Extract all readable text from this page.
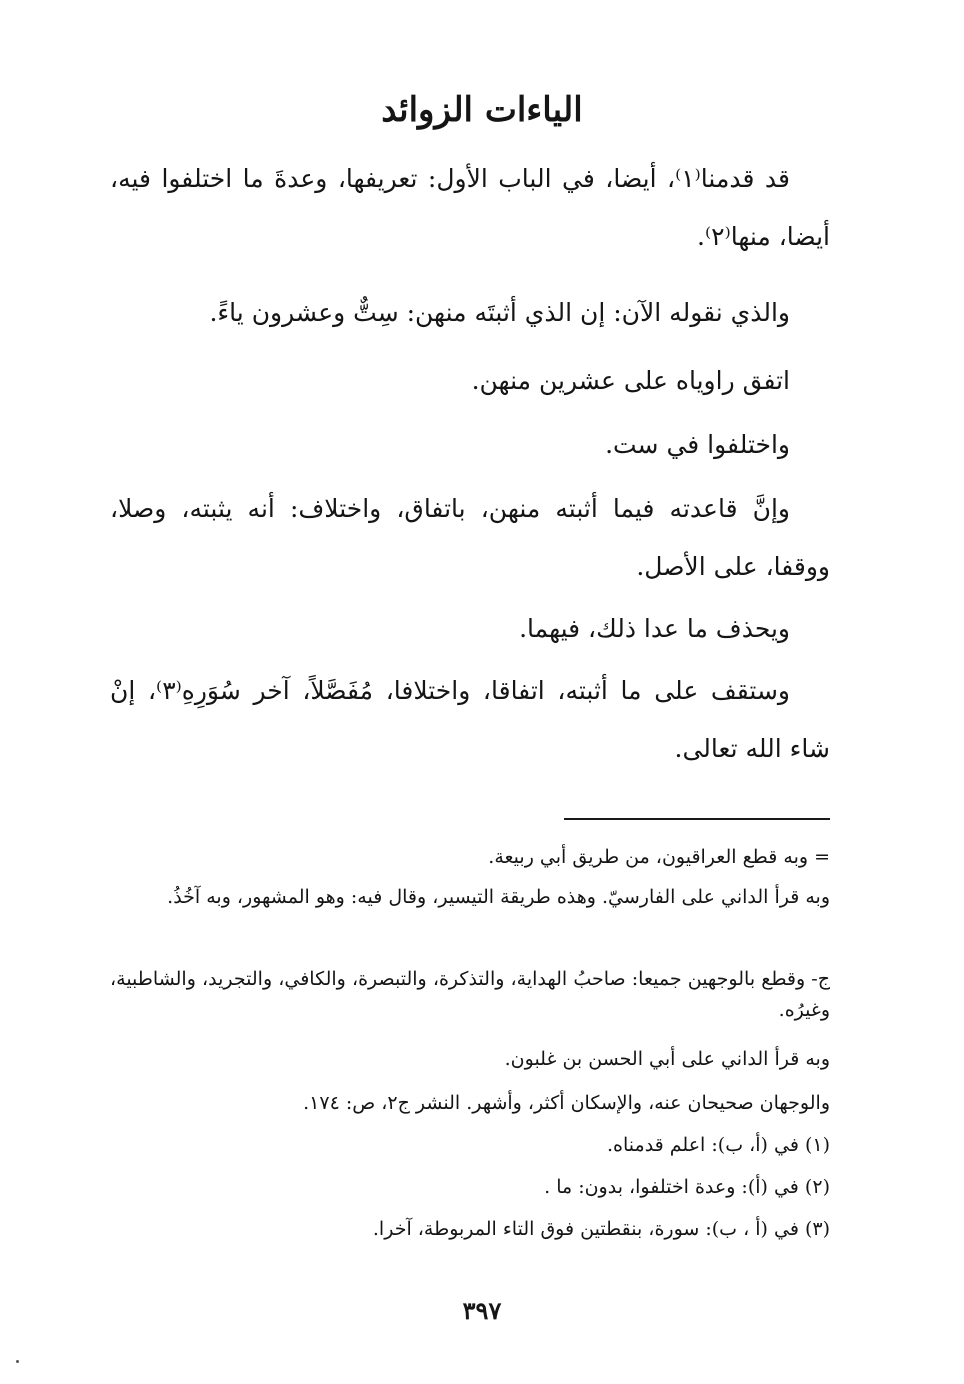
الياءات الزوائد

قد قدمنا⁽١⁾، أيضا، في الباب الأول: تعريفها، وعدةَ ما اختلفوا فيه، أيضا، منها⁽٢⁾.

والذي نقوله الآن: إن الذي أثبتَه منهن: سِتٌّ وعشرون ياءً.

اتفق راوياه على عشرين منهن.

واختلفوا في ست.

وإنَّ قاعدته فيما أثبته منهن، باتفاق، واختلاف: أنه يثبته، وصلا، ووقفا، على الأصل.

ويحذف ما عدا ذلك، فيهما.

وستقف على ما أثبته، اتفاقا، واختلافا، مُفَصَّلاً، آخر سُوَرِهِ⁽٣⁾، إنْ شاء الله تعالى.

= وبه قطع العراقيون، من طريق أبي ربيعة.

وبه قرأ الداني على الفارسيّ. وهذه طريقة التيسير، وقال فيه: وهو المشهور، وبه آخُذُ.

ج- وقطع بالوجهين جميعا: صاحبُ الهداية، والتذكرة، والتبصرة، والكافي، والتجريد، والشاطبية، وغيرُه.

وبه قرأ الداني على أبي الحسن بن غلبون.

والوجهان صحيحان عنه، والإسكان أكثر، وأشهر. النشر ج٢، ص: ١٧٤.

(١) في (أ، ب): اعلم قدمناه.

(٢) في (أ): وعدة اختلفوا، بدون: ما .

(٣) في (أ ، ب): سورة، بنقطتين فوق التاء المربوطة، آخرا.

٣٩٧
